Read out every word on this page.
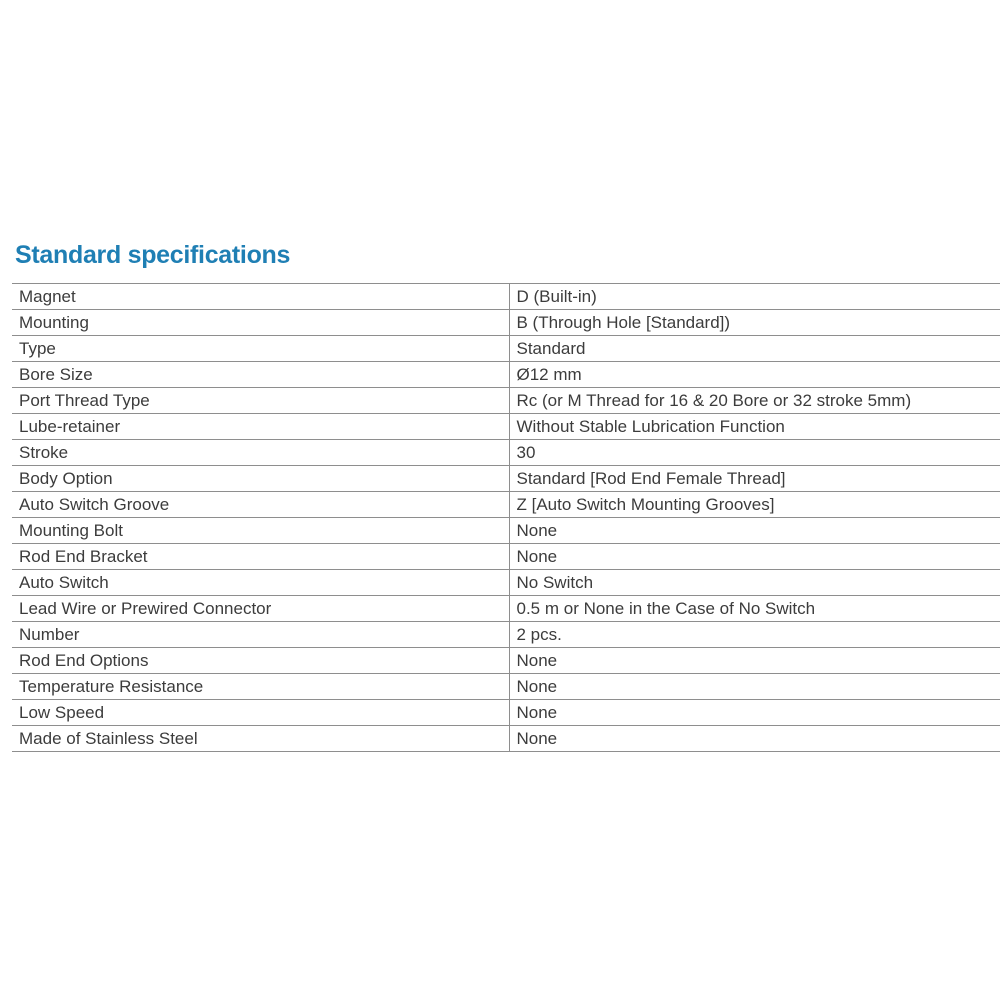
Standard specifications
Magnet	D (Built-in)
Mounting	B (Through Hole [Standard])
Type	Standard
Bore Size	Ø12 mm
Port Thread Type	Rc (or M Thread for 16 & 20 Bore or 32 stroke 5mm)
Lube-retainer	Without Stable Lubrication Function
Stroke	30
Body Option	Standard [Rod End Female Thread]
Auto Switch Groove	Z [Auto Switch Mounting Grooves]
Mounting Bolt	None
Rod End Bracket	None
Auto Switch	No Switch
Lead Wire or Prewired Connector	0.5 m or None in the Case of No Switch
Number	2 pcs.
Rod End Options	None
Temperature Resistance	None
Low Speed	None
Made of Stainless Steel	None
